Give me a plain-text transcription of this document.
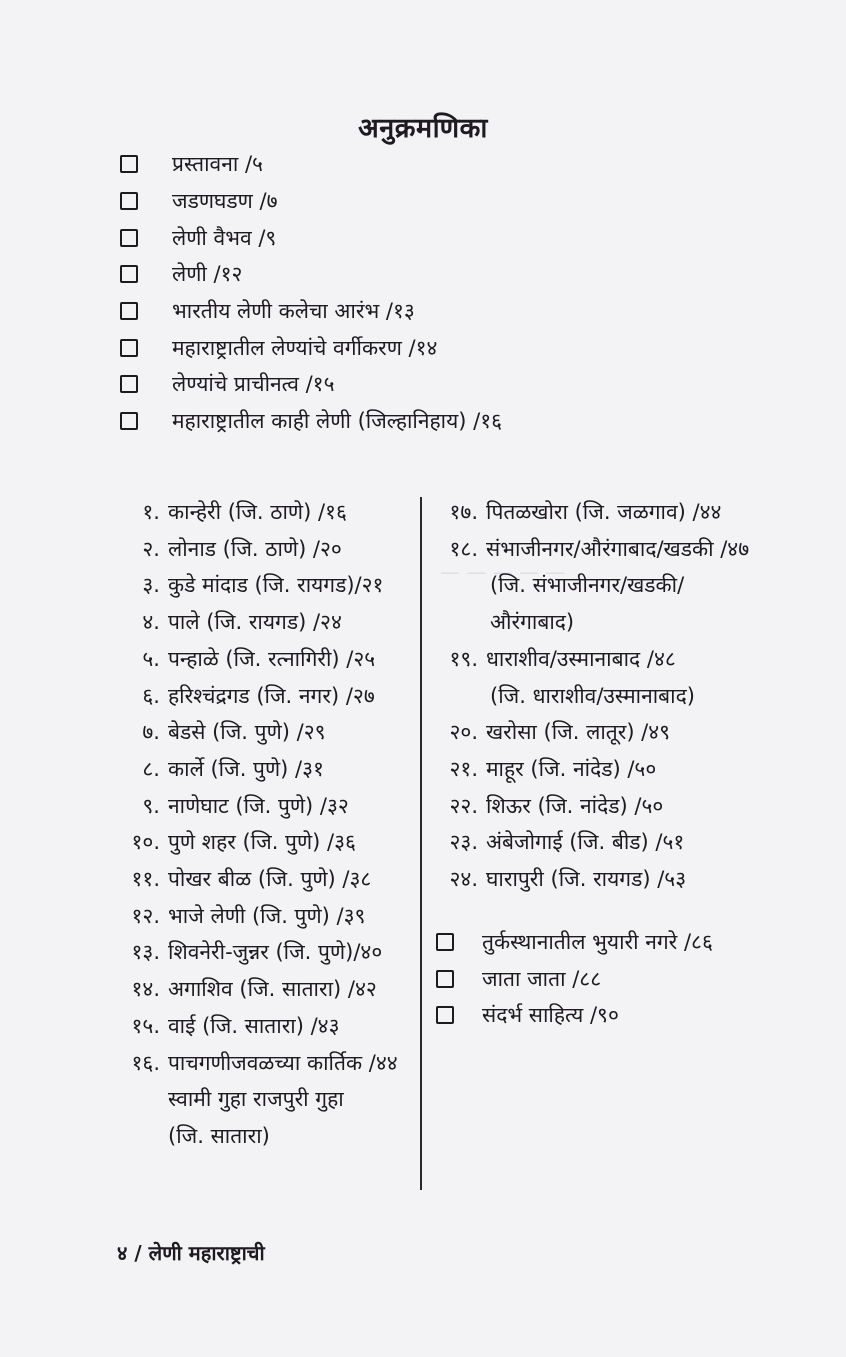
— — — — —
अनुक्रमणिका
प्रस्तावना /५
जडणघडण /७
लेणी वैभव /९
लेणी /१२
भारतीय लेणी कलेचा आरंभ /१३
महाराष्ट्रातील लेण्यांचे वर्गीकरण /१४
लेण्यांचे प्राचीनत्व /१५
महाराष्ट्रातील काही लेणी (जिल्हानिहाय) /१६
१. कान्हेरी (जि. ठाणे) /१६
२. लोनाड (जि. ठाणे) /२०
३. कुडे मांदाड (जि. रायगड)/२१
४. पाले (जि. रायगड) /२४
५. पन्हाळे (जि. रत्नागिरी) /२५
६. हरिश्चंद्रगड (जि. नगर) /२७
७. बेडसे (जि. पुणे) /२९
८. कार्ले (जि. पुणे) /३१
९. नाणेघाट (जि. पुणे) /३२
१०. पुणे शहर (जि. पुणे) /३६
११. पोखर बीळ (जि. पुणे) /३८
१२. भाजे लेणी (जि. पुणे) /३९
१३. शिवनेरी-जुन्नर (जि. पुणे)/४०
१४. अगाशिव (जि. सातारा) /४२
१५. वाई (जि. सातारा) /४३
१६. पाचगणीजवळच्या कार्तिक /४४
स्वामी गुहा राजपुरी गुहा
(जि. सातारा)
१७. पितळखोरा (जि. जळगाव) /४४
१८. संभाजीनगर/औरंगाबाद/खडकी /४७
(जि. संभाजीनगर/खडकी/
औरंगाबाद)
१९. धाराशीव/उस्मानाबाद /४८
(जि. धाराशीव/उस्मानाबाद)
२०. खरोसा (जि. लातूर) /४९
२१. माहूर (जि. नांदेड) /५०
२२. शिऊर (जि. नांदेड) /५०
२३. अंबेजोगाई (जि. बीड) /५१
२४. घारापुरी (जि. रायगड) /५३
तुर्कस्थानातील भुयारी नगरे /८६
जाता जाता /८८
संदर्भ साहित्य /९०
४ / लेणी महाराष्ट्राची
